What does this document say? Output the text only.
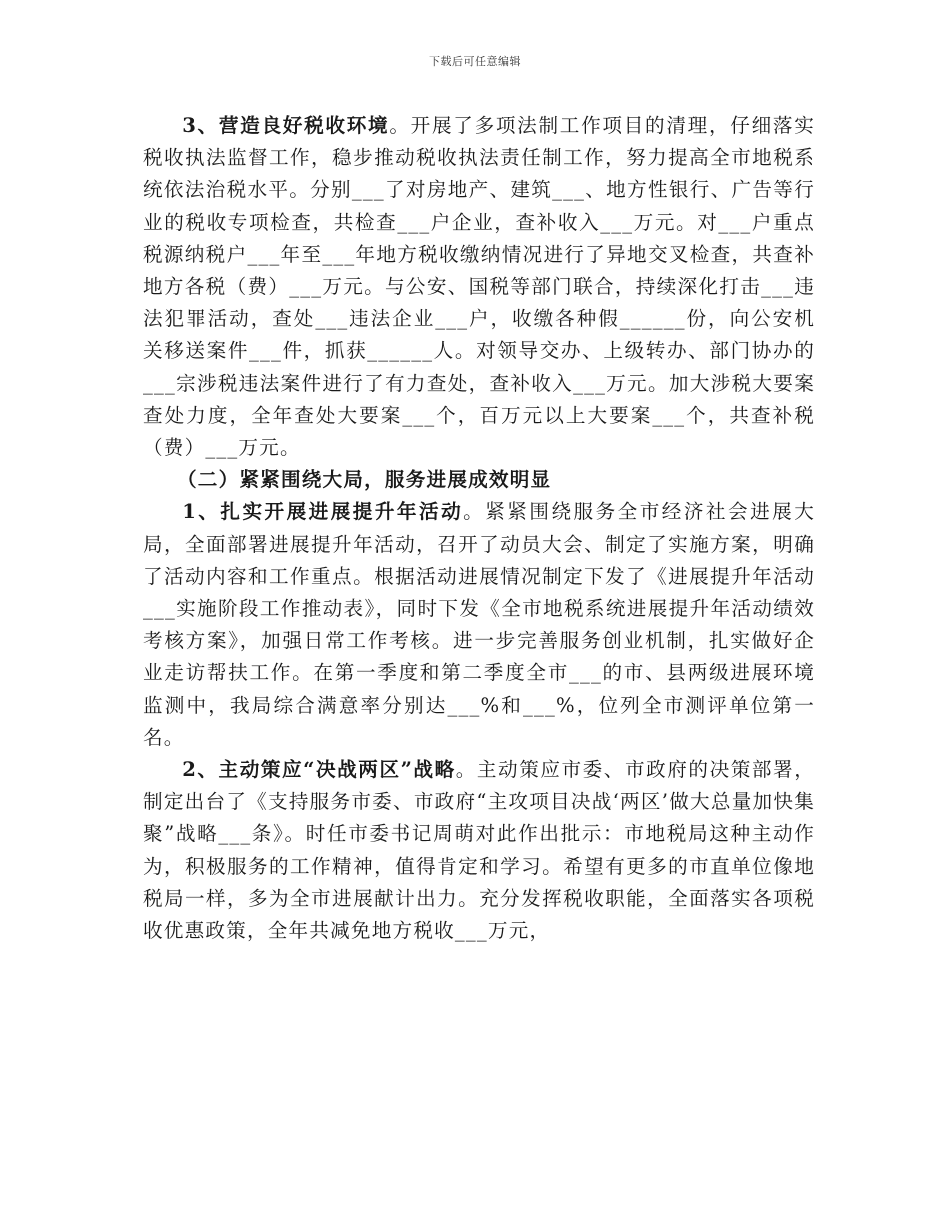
下载后可任意编辑

3、营造良好税收环境。开展了多项法制工作项目的清理，仔细落实税收执法监督工作，稳步推动税收执法责任制工作，努力提高全市地税系统依法治税水平。分别___了对房地产、建筑___、地方性银行、广告等行业的税收专项检查，共检查___户企业，查补收入___万元。对___户重点税源纳税户___年至___年地方税收缴纳情况进行了异地交叉检查，共查补地方各税（费）___万元。与公安、国税等部门联合，持续深化打击___违法犯罪活动，查处___违法企业___户，收缴各种假______份，向公安机关移送案件___件，抓获______人。对领导交办、上级转办、部门协办的___宗涉税违法案件进行了有力查处，查补收入___万元。加大涉税大要案查处力度，全年查处大要案___个，百万元以上大要案___个，共查补税（费）___万元。

（二）紧紧围绕大局，服务进展成效明显

1、扎实开展进展提升年活动。紧紧围绕服务全市经济社会进展大局，全面部署进展提升年活动，召开了动员大会、制定了实施方案，明确了活动内容和工作重点。根据活动进展情况制定下发了《进展提升年活动___实施阶段工作推动表》，同时下发《全市地税系统进展提升年活动绩效考核方案》，加强日常工作考核。进一步完善服务创业机制，扎实做好企业走访帮扶工作。在第一季度和第二季度全市___的市、县两级进展环境监测中，我局综合满意率分别达___%和___%，位列全市测评单位第一名。

2、主动策应“决战两区”战略。主动策应市委、市政府的决策部署，制定出台了《支持服务市委、市政府“主攻项目决战‘两区’做大总量加快集聚”战略___条》。时任市委书记周萌对此作出批示：市地税局这种主动作为，积极服务的工作精神，值得肯定和学习。希望有更多的市直单位像地税局一样，多为全市进展献计出力。充分发挥税收职能，全面落实各项税收优惠政策，全年共减免地方税收___万元，
